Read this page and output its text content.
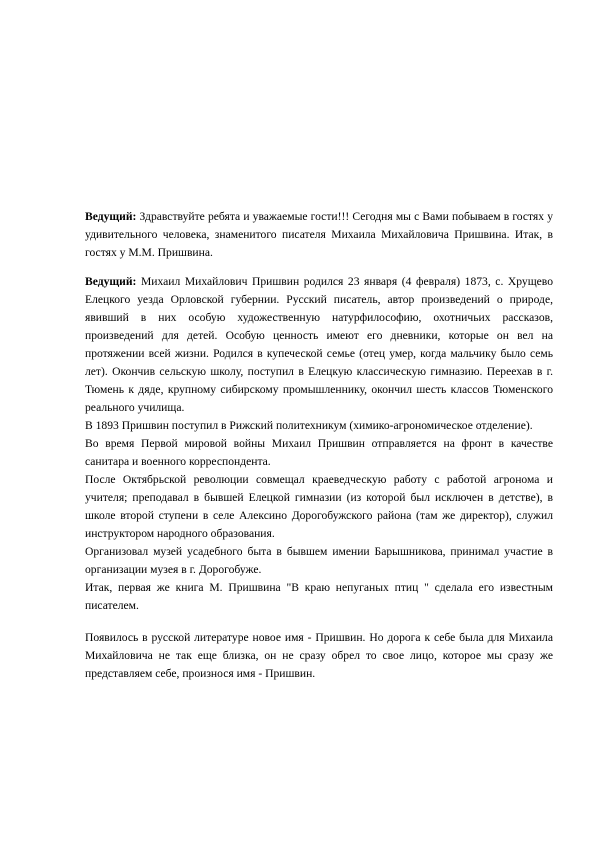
Ведущий: Здравствуйте ребята и уважаемые гости!!! Сегодня мы с Вами побываем в гостях у удивительного человека, знаменитого писателя Михаила Михайловича Пришвина. Итак, в гостях у М.М. Пришвина.

Ведущий: Михаил Михайлович Пришвин родился 23 января (4 февраля) 1873, с. Хрущево Елецкого уезда Орловской губернии. Русский писатель, автор произведений о природе, явивший в них особую художественную натурфилософию, охотничьих рассказов, произведений для детей. Особую ценность имеют его дневники, которые он вел на протяжении всей жизни. Родился в купеческой семье (отец умер, когда мальчику было семь лет). Окончив сельскую школу, поступил в Елецкую классическую гимназию. Переехав в г. Тюмень к дяде, крупному сибирскому промышленнику, окончил шесть классов Тюменского реального училища.

В 1893 Пришвин поступил в Рижский политехникум (химико-агрономическое отделение).

Во время Первой мировой войны Михаил Пришвин отправляется на фронт в качестве санитара и военного корреспондента.

После Октябрьской революции совмещал краеведческую работу с работой агронома и учителя; преподавал в бывшей Елецкой гимназии (из которой был исключен в детстве), в школе второй ступени в селе Алексино Дорогобужского района (там же директор), служил инструктором народного образования.

Организовал музей усадебного быта в бывшем имении Барышникова, принимал участие в организации музея в г. Дорогобуже.

Итак, первая же книга М. Пришвина "В краю непуганых птиц " сделала его известным писателем.

Появилось в русской литературе новое имя - Пришвин. Но дорога к себе была для Михаила Михайловича не так еще близка, он не сразу обрел то свое лицо, которое мы сразу же представляем себе, произнося имя - Пришвин.
